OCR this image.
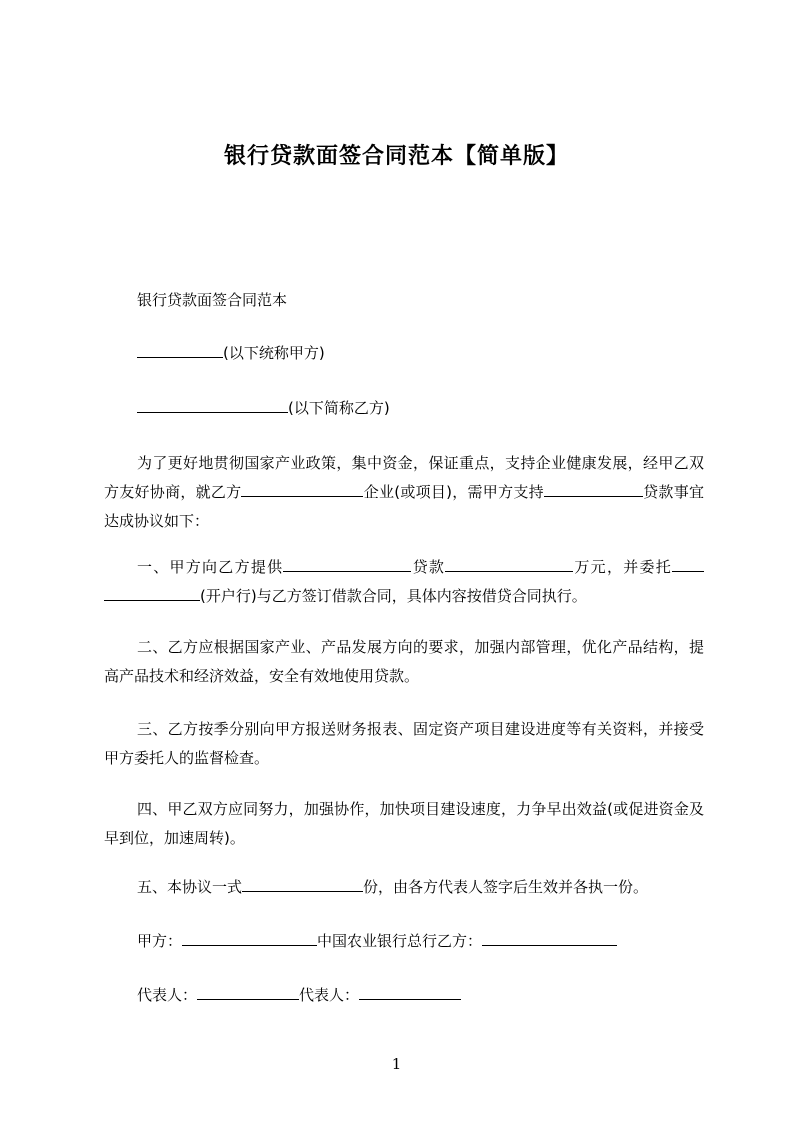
银行贷款面签合同范本【简单版】

银行贷款面签合同范本

(以下统称甲方)

(以下简称乙方)

为了更好地贯彻国家产业政策，集中资金，保证重点，支持企业健康发展，经甲乙双方友好协商，就乙方	企业(或项目)，需甲方支持	贷款事宜达成协议如下：

一、甲方向乙方提供	贷款	万元，并委托(开户行)与乙方签订借款合同，具体内容按借贷合同执行。

二、乙方应根据国家产业、产品发展方向的要求，加强内部管理，优化产品结构，提高产品技术和经济效益，安全有效地使用贷款。

三、乙方按季分别向甲方报送财务报表、固定资产项目建设进度等有关资料，并接受甲方委托人的监督检查。

四、甲乙双方应同努力，加强协作，加快项目建设速度，力争早出效益(或促进资金及早到位，加速周转)。

五、本协议一式	份，由各方代表人签字后生效并各执一份。

甲方：	中国农业银行总行乙方：

代表人：	代表人：

1
